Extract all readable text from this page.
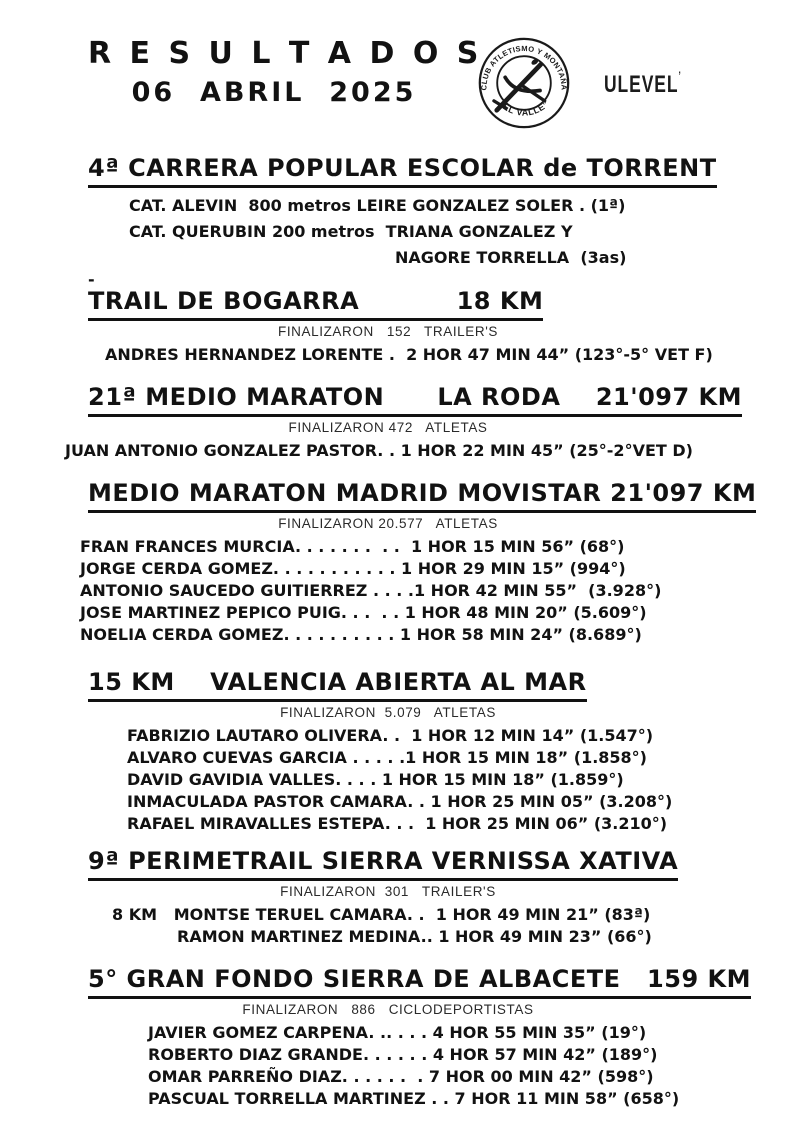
CLUB ATLETISMO Y MONTAÑA
“EL VALLE”
ULEVEL’
R E S U L T A D O S
06  ABRIL  2025
4ª CARRERA POPULAR ESCOLAR de TORRENT
CAT. ALEVIN  800 metros LEIRE GONZALEZ SOLER . (1ª)
CAT. QUERUBIN 200 metros  TRIANA GONZALEZ Y
NAGORE TORRELLA  (3as)
-
TRAIL DE BOGARRA           18 KM
FINALIZARON   152   TRAILER'S
ANDRES HERNANDEZ LORENTE .  2 HOR 47 MIN 44” (123°-5° VET F)
21ª MEDIO MARATON      LA RODA    21'097 KM
FINALIZARON 472   ATLETAS
JUAN ANTONIO GONZALEZ PASTOR. . 1 HOR 22 MIN 45” (25°-2°VET D)
MEDIO MARATON MADRID MOVISTAR 21'097 KM
FINALIZARON 20.577   ATLETAS
FRAN FRANCES MURCIA. . . . . . .  . .  1 HOR 15 MIN 56” (68°)
JORGE CERDA GOMEZ. . . . . . . . . . . 1 HOR 29 MIN 15” (994°)
ANTONIO SAUCEDO GUITIERREZ . . . .1 HOR 42 MIN 55”  (3.928°)
JOSE MARTINEZ PEPICO PUIG. . .  . . 1 HOR 48 MIN 20” (5.609°)
NOELIA CERDA GOMEZ. . . . . . . . . . 1 HOR 58 MIN 24” (8.689°)
15 KM    VALENCIA ABIERTA AL MAR
FINALIZARON  5.079   ATLETAS
FABRIZIO LAUTARO OLIVERA. .  1 HOR 12 MIN 14” (1.547°)
ALVARO CUEVAS GARCIA . . . . .1 HOR 15 MIN 18” (1.858°)
DAVID GAVIDIA VALLES. . . . 1 HOR 15 MIN 18” (1.859°)
INMACULADA PASTOR CAMARA. . 1 HOR 25 MIN 05” (3.208°)
RAFAEL MIRAVALLES ESTEPA. . .  1 HOR 25 MIN 06” (3.210°)
9ª PERIMETRAIL SIERRA VERNISSA XATIVA
FINALIZARON  301   TRAILER'S
8 KM   MONTSE TERUEL CAMARA. .  1 HOR 49 MIN 21” (83ª)
RAMON MARTINEZ MEDINA.. 1 HOR 49 MIN 23” (66°)
5° GRAN FONDO SIERRA DE ALBACETE   159 KM
FINALIZARON   886   CICLODEPORTISTAS
JAVIER GOMEZ CARPENA. .. . . . 4 HOR 55 MIN 35” (19°)
ROBERTO DIAZ GRANDE. . . . . . 4 HOR 57 MIN 42” (189°)
OMAR PARREÑO DIAZ. . . . . .  . 7 HOR 00 MIN 42” (598°)
PASCUAL TORRELLA MARTINEZ . . 7 HOR 11 MIN 58” (658°)
